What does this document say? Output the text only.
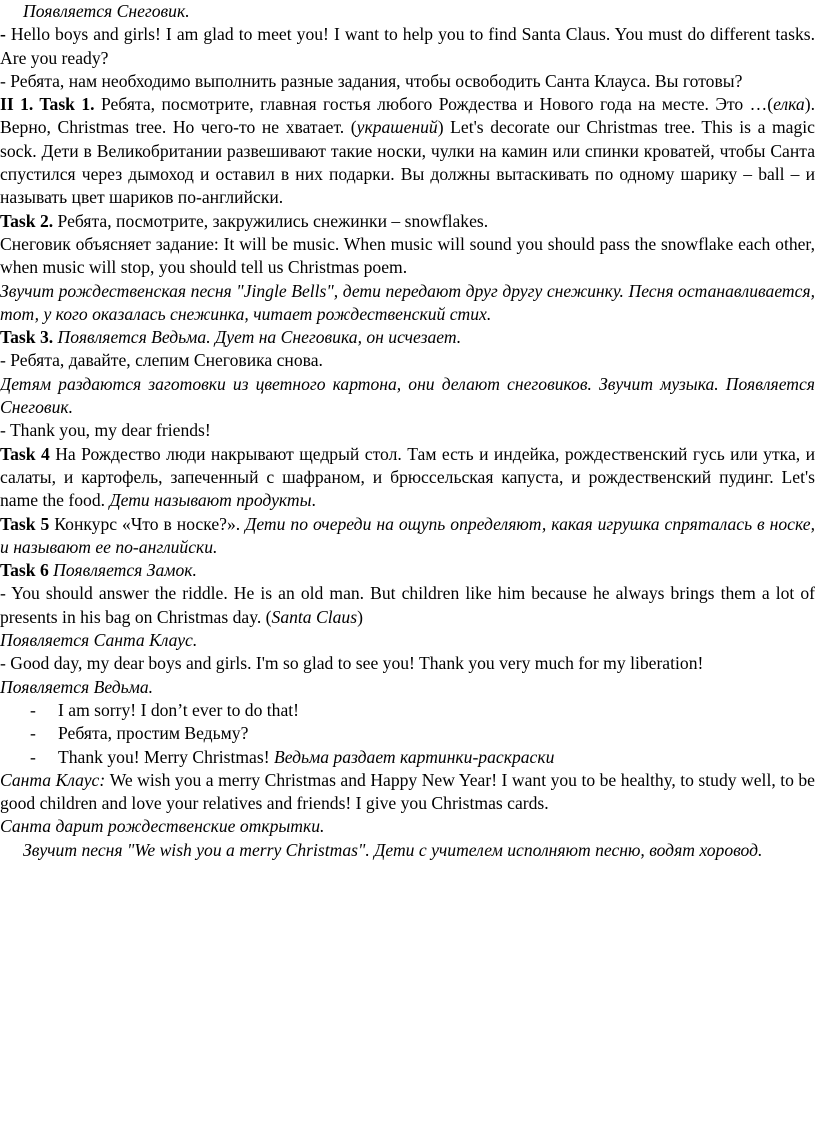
Появляется Снеговик.

- Hello boys and girls! I am glad to meet you! I want to help you to find Santa Claus. You must do different tasks. Are you ready?

- Ребята, нам необходимо выполнить разные задания, чтобы освободить Санта Клауса. Вы готовы?

II 1. Task 1. Ребята, посмотрите, главная гостья любого Рождества и Нового года на месте. Это …(елка). Верно, Christmas tree. Но чего-то не хватает. (украшений) Let's decorate our Christmas tree. This is a magic sock. Дети в Великобритании развешивают такие носки, чулки на камин или спинки кроватей, чтобы Санта спустился через дымоход и оставил в них подарки. Вы должны вытаскивать по одному шарику – ball – и называть цвет шариков по-английски.

Task 2. Ребята, посмотрите, закружились снежинки – snowflakes.

Снеговик объясняет задание: It will be music. When music will sound you should pass the snowflake each other, when music will stop, you should tell us Christmas poem.

Звучит рождественская песня "Jingle Bells", дети передают друг другу снежинку. Песня останавливается, тот, у кого оказалась снежинка, читает рождественский стих.

Task 3. Появляется Ведьма. Дует на Снеговика, он исчезает.

- Ребята, давайте, слепим Снеговика снова.

Детям раздаются заготовки из цветного картона, они делают снеговиков. Звучит музыка. Появляется Снеговик.

- Thank you, my dear friends!

Task 4 На Рождество люди накрывают щедрый стол. Там есть и индейка, рождественский гусь или утка, и салаты, и картофель, запеченный с шафраном, и брюссельская капуста, и рождественский пудинг. Let's name the food. Дети называют продукты.

Task 5 Конкурс «Что в носке?». Дети по очереди на ощупь определяют, какая игрушка спряталась в носке, и называют ее по-английски.

Task 6 Появляется Замок.

- You should answer the riddle. He is an old man. But children like him because he always brings them a lot of presents in his bag on Christmas day. (Santa Claus)

Появляется Санта Клаус.

- Good day, my dear boys and girls. I'm so glad to see you! Thank you very much for my liberation!

Появляется Ведьма.

-	I am sorry! I don’t ever to do that!
-	Ребята, простим Ведьму?
-	Thank you! Merry Christmas! Ведьма раздает картинки-раскраски

Санта Клаус: We wish you a merry Christmas and Happy New Year! I want you to be healthy, to study well, to be good children and love your relatives and friends! I give you Christmas cards.

Санта дарит рождественские открытки.

Звучит песня "We wish you a merry Christmas". Дети с учителем исполняют песню, водят хоровод.
